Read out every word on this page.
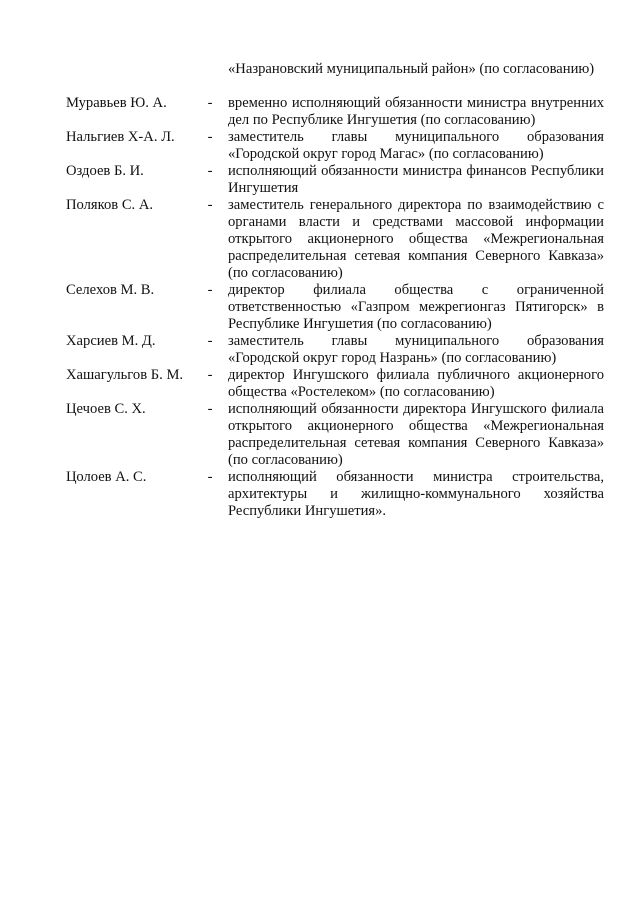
«Назрановский муниципальный район» (по согласованию)
Муравьев Ю. А.	- временно исполняющий обязанности министра внутренних дел по Республике Ингушетия (по согласованию)
Нальгиев Х-А. Л.	- заместитель главы муниципального образования «Городской округ город Магас» (по согласованию)
Оздоев Б. И.	- исполняющий обязанности министра финансов Республики Ингушетия
Поляков С. А.	- заместитель генерального директора по взаимодействию с органами власти и средствами массовой информации открытого акционерного общества «Межрегиональная распределительная сетевая компания Северного Кавказа» (по согласованию)
Селехов М. В.	- директор филиала общества с ограниченной ответственностью «Газпром межрегионгаз Пятигорск» в Республике Ингушетия (по согласованию)
Харсиев М. Д.	- заместитель главы муниципального образования «Городской округ город Назрань» (по согласованию)
Хашагульгов Б. М.	- директор Ингушского филиала публичного акционерного общества «Ростелеком» (по согласованию)
Цечоев С. Х.	- исполняющий обязанности директора Ингушского филиала открытого акционерного общества «Межрегиональная распределительная сетевая компания Северного Кавказа» (по согласованию)
Цолоев А. С.	- исполняющий обязанности министра строительства, архитектуры и жилищно-коммунального хозяйства Республики Ингушетия».
